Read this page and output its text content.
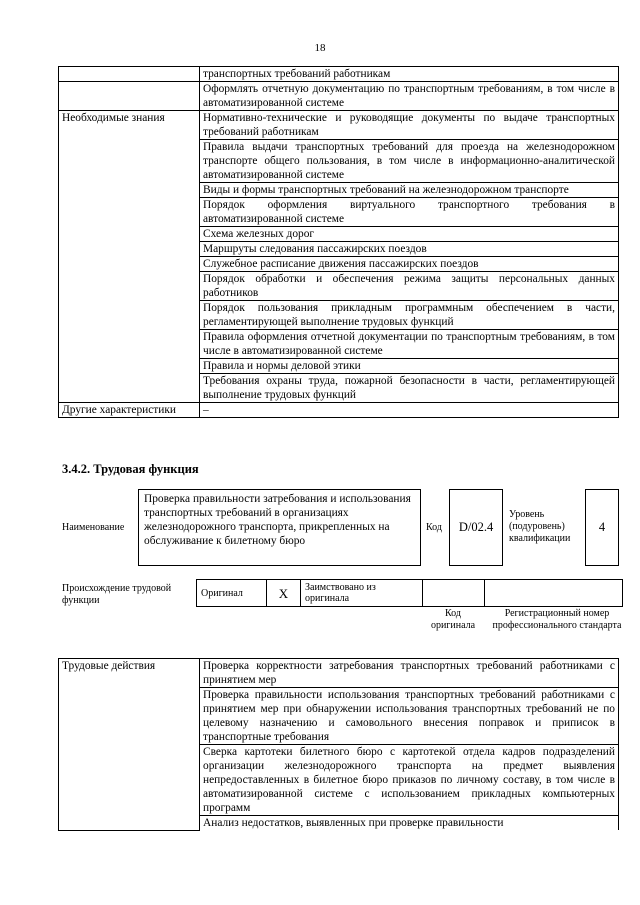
18
	транспортных требований работникам
	Оформлять отчетную документацию по транспортным требованиям, в том числе в автоматизированной системе
Необходимые знания	Нормативно-технические и руководящие документы по выдаче транспортных требований работникам
	Правила выдачи транспортных требований для проезда на железнодорожном транспорте общего пользования, в том числе в информационно-аналитической автоматизированной системе
	Виды и формы транспортных требований на железнодорожном транспорте
	Порядок оформления виртуального транспортного требования в автоматизированной системе
	Схема железных дорог
	Маршруты следования пассажирских поездов
	Служебное расписание движения пассажирских поездов
	Порядок обработки и обеспечения режима защиты персональных данных работников
	Порядок пользования прикладным программным обеспечением в части, регламентирующей выполнение трудовых функций
	Правила оформления отчетной документации по транспортным требованиям, в том числе в автоматизированной системе
	Правила и нормы деловой этики
	Требования охраны труда, пожарной безопасности в части, регламентирующей выполнение трудовых функций
Другие характеристики	–
3.4.2. Трудовая функция
Наименование
Проверка правильности затребования и использования транспортных требований в организациях железнодорожного транспорта, прикрепленных на обслуживание к билетному бюро
Код	D/02.4
Уровень (подуровень) квалификации
4
Происхождение трудовой функции
Оригинал	X	Заимствовано из оригинала		
Код оригинала
Регистрационный номер профессионального стандарта
Трудовые действия	Проверка корректности затребования транспортных требований работниками с принятием мер
Проверка правильности использования транспортных требований работниками с принятием мер при обнаружении использования транспортных требований не по целевому назначению и самовольного внесения поправок и приписок в транспортные требования
Сверка картотеки билетного бюро с картотекой отдела кадров подразделений организации железнодорожного транспорта на предмет выявления непредоставленных в билетное бюро приказов по личному составу, в том числе в автоматизированной системе с использованием прикладных компьютерных программ
Анализ недостатков, выявленных при проверке правильности
